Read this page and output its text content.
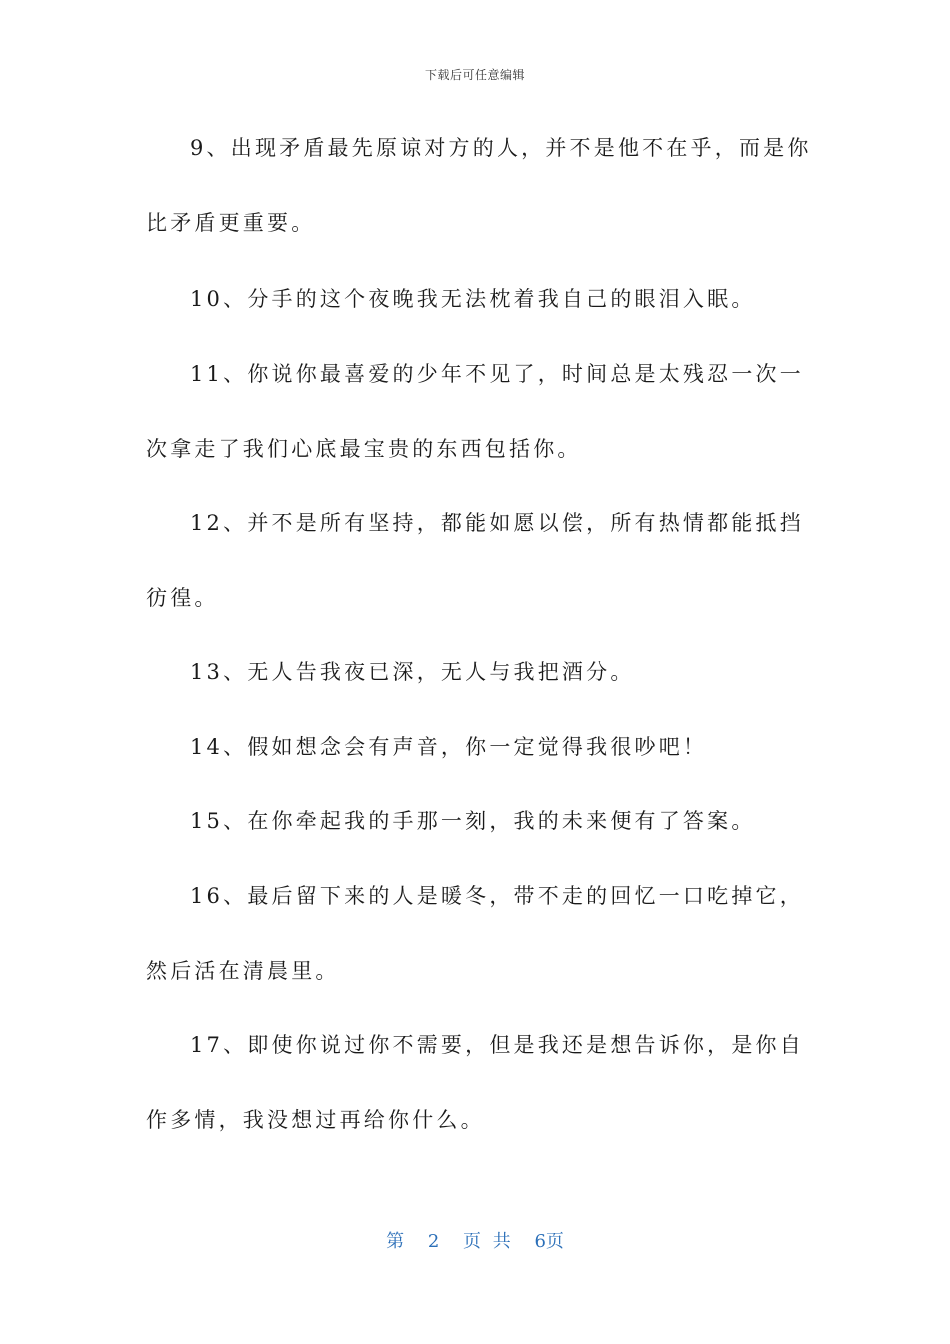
下载后可任意编辑
9、出现矛盾最先原谅对方的人，并不是他不在乎，而是你
比矛盾更重要。
10、分手的这个夜晚我无法枕着我自己的眼泪入眠。
11、你说你最喜爱的少年不见了，时间总是太残忍一次一
次拿走了我们心底最宝贵的东西包括你。
12、并不是所有坚持，都能如愿以偿，所有热情都能抵挡
彷徨。
13、无人告我夜已深，无人与我把酒分。
14、假如想念会有声音，你一定觉得我很吵吧！
15、在你牵起我的手那一刻，我的未来便有了答案。
16、最后留下来的人是暖冬，带不走的回忆一口吃掉它，
然后活在清晨里。
17、即使你说过你不需要，但是我还是想告诉你，是你自
作多情，我没想过再给你什么。
第 2 页 共 6页
